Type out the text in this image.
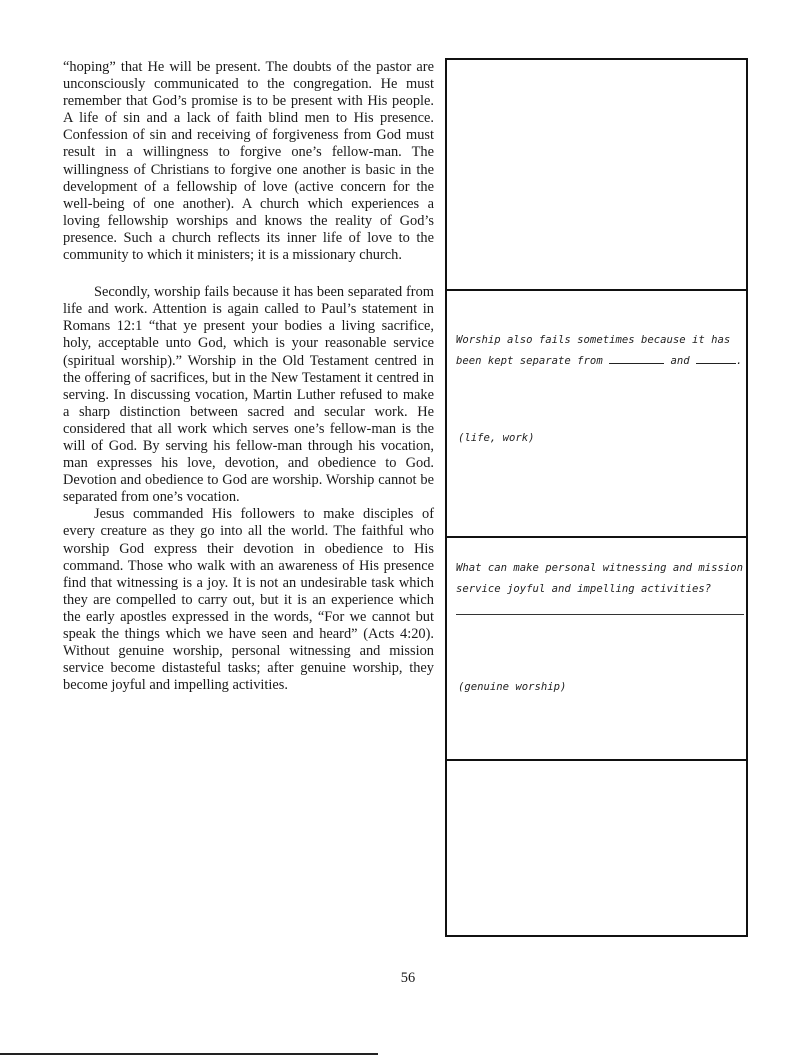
“hoping” that He will be present. The doubts of the pastor are unconsciously communicated to the congregation. He must remember that God’s promise is to be present with His people. A life of sin and a lack of faith blind men to His presence. Confession of sin and receiving of forgiveness from God must result in a willingness to forgive one’s fellow-man. The willingness of Christians to forgive one another is basic in the development of a fellowship of love (active concern for the well-being of one another). A church which experiences a loving fellowship worships and knows the reality of God’s presence. Such a church reflects its inner life of love to the community to which it ministers; it is a missionary church.

Secondly, worship fails because it has been separated from life and work. Attention is again called to Paul’s statement in Romans 12:1 “that ye present your bodies a living sacrifice, holy, acceptable unto God, which is your reasonable service (spiritual worship).” Worship in the Old Testament centred in the offering of sacrifices, but in the New Testament it centred in serving. In discussing vocation, Martin Luther refused to make a sharp distinction between sacred and secular work. He considered that all work which serves one’s fellow-man is the will of God. By serving his fellow-man through his vocation, man expresses his love, devotion, and obedience to God. Devotion and obedience to God are worship. Worship cannot be separated from one’s vocation.

Jesus commanded His followers to make disciples of every creature as they go into all the world. The faithful who worship God express their devotion in obedience to His command. Those who walk with an awareness of His presence find that witnessing is a joy. It is not an undesirable task which they are compelled to carry out, but it is an experience which the early apostles expressed in the words, “For we cannot but speak the things which we have seen and heard” (Acts 4:20). Without genuine worship, personal witnessing and mission service become distasteful tasks; after genuine worship, they become joyful and impelling activities.

Worship also fails sometimes because it has
been kept separate from	and	.
(life, work)
What can make personal witnessing and mission
service joyful and impelling activities?
(genuine worship)
56
